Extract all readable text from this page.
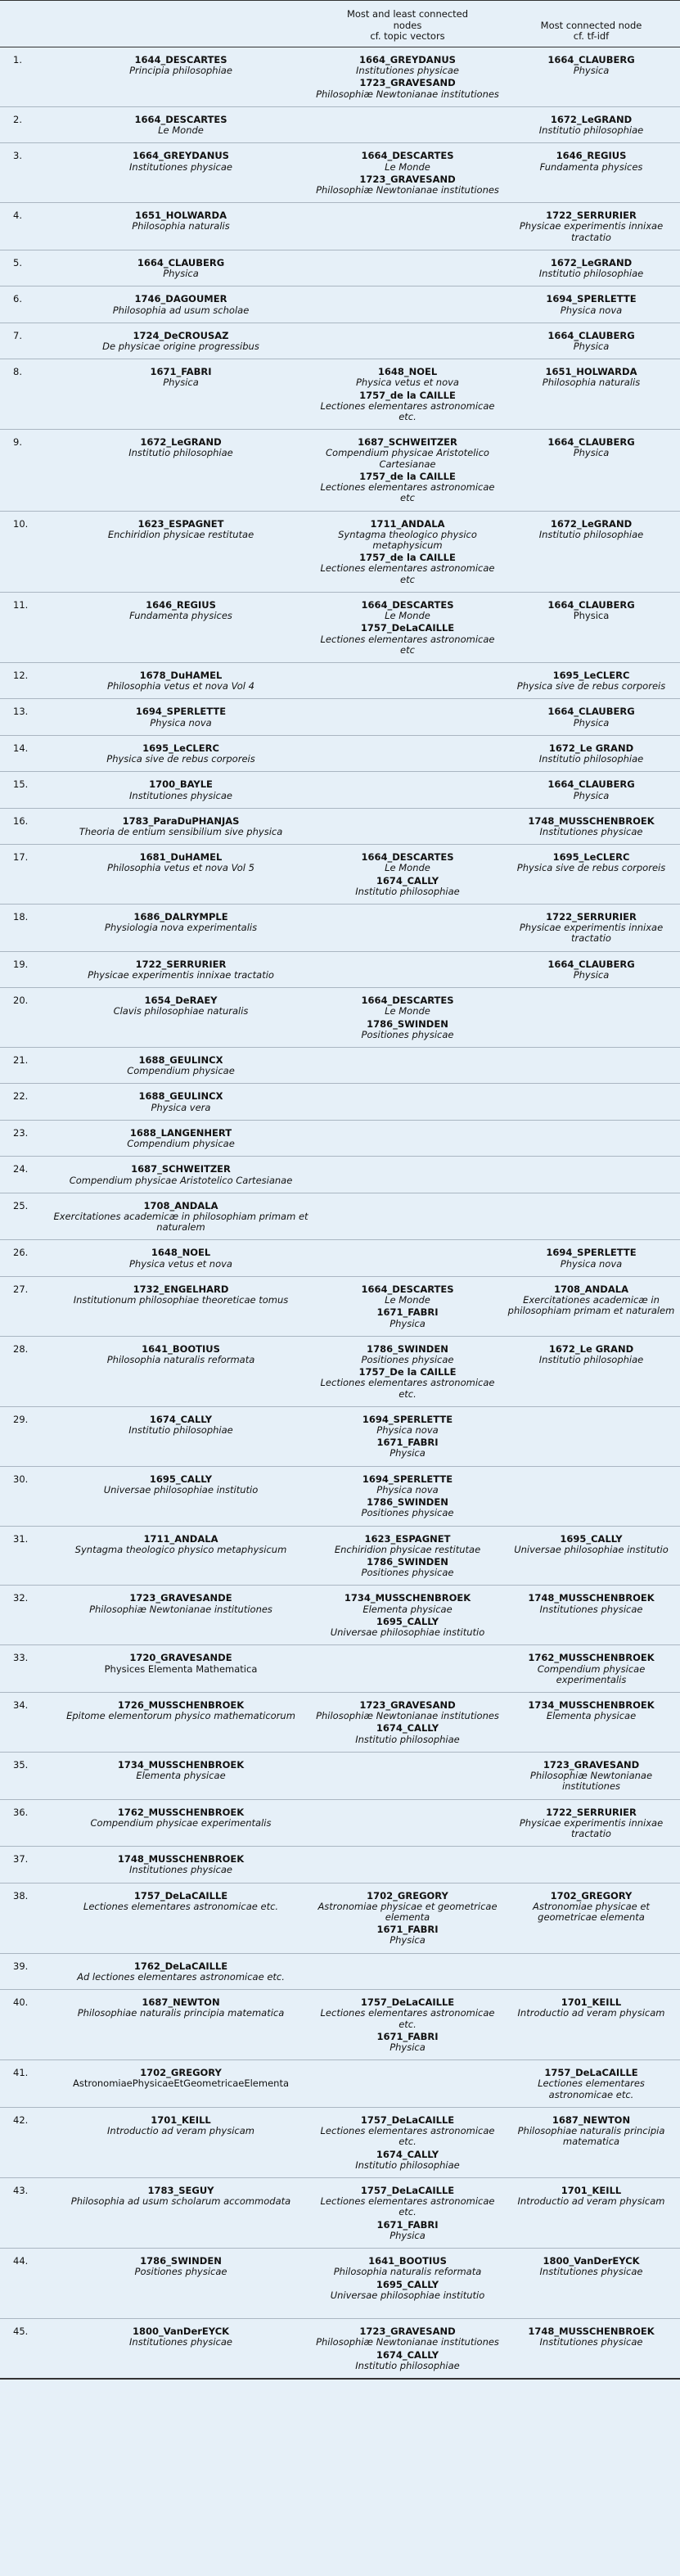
		Most and least connected
nodes
cf. topic vectors	Most connected node
cf. tf-idf

1.	1644_DESCARTES
Principia philosophiae	1664_GREYDANUS
Institutiones physicae
1723_GRAVESAND
Philosophiæ Newtonianae institutiones	1664_CLAUBERG
Physica

2.	1664_DESCARTES
Le Monde		1672_LeGRAND
Institutio philosophiae

3.	1664_GREYDANUS
Institutiones physicae	1664_DESCARTES
Le Monde
1723_GRAVESAND
Philosophiæ Newtonianae institutiones	1646_REGIUS
Fundamenta physices

4.	1651_HOLWARDA
Philosophia naturalis		1722_SERRURIER
Physicae experimentis innixae tractatio

5.	1664_CLAUBERG
Physica		1672_LeGRAND
Institutio philosophiae

6.	1746_DAGOUMER
Philosophia ad usum scholae		1694_SPERLETTE
Physica nova

7.	1724_DeCROUSAZ
De physicae origine progressibus		1664_CLAUBERG
Physica

8.	1671_FABRI
Physica	1648_NOEL
Physica vetus et nova
1757_de la CAILLE
Lectiones elementares astronomicae etc.	1651_HOLWARDA
Philosophia naturalis

9.	1672_LeGRAND
Institutio philosophiae	1687_SCHWEITZER
Compendium physicae Aristotelico Cartesianae
1757_de la CAILLE
Lectiones elementares astronomicae etc	1664_CLAUBERG
Physica

10.	1623_ESPAGNET
Enchiridion physicae restitutae	1711_ANDALA
Syntagma theologico physico metaphysicum
1757_de la CAILLE
Lectiones elementares astronomicae etc	1672_LeGRAND
Institutio philosophiae

11.	1646_REGIUS
Fundamenta physices	1664_DESCARTES
Le Monde
1757_DeLaCAILLE
Lectiones elementares astronomicae etc	1664_CLAUBERG
Physica

12.	1678_DuHAMEL
Philosophia vetus et nova Vol 4		1695_LeCLERC
Physica sive de rebus corporeis

13.	1694_SPERLETTE
Physica nova		1664_CLAUBERG
Physica

14.	1695_LeCLERC
Physica sive de rebus corporeis		1672_Le GRAND
Institutio philosophiae

15.	1700_BAYLE
Institutiones physicae		1664_CLAUBERG
Physica

16.	1783_ParaDuPHANJAS
Theoria de entium sensibilium sive physica		1748_MUSSCHENBROEK
Institutiones physicae

17.	1681_DuHAMEL
Philosophia vetus et nova Vol 5	1664_DESCARTES
Le Monde
1674_CALLY
Institutio philosophiae	1695_LeCLERC
Physica sive de rebus corporeis

18.	1686_DALRYMPLE
Physiologia nova experimentalis		1722_SERRURIER
Physicae experimentis innixae tractatio

19.	1722_SERRURIER
Physicae experimentis innixae tractatio		1664_CLAUBERG
Physica

20.	1654_DeRAEY
Clavis philosophiae naturalis	1664_DESCARTES
Le Monde
1786_SWINDEN
Positiones physicae	

21.	1688_GEULINCX
Compendium physicae		

22.	1688_GEULINCX
Physica vera		

23.	1688_LANGENHERT
Compendium physicae		

24.	1687_SCHWEITZER
Compendium physicae Aristotelico Cartesianae		

25.	1708_ANDALA
Exercitationes academicæ in philosophiam primam et naturalem		

26.	1648_NOEL
Physica vetus et nova		1694_SPERLETTE
Physica nova

27.	1732_ENGELHARD
Institutionum philosophiae theoreticae tomus	1664_DESCARTES
Le Monde
1671_FABRI
Physica	1708_ANDALA
Exercitationes academicæ in philosophiam primam et naturalem

28.	1641_BOOTIUS
Philosophia naturalis reformata	1786_SWINDEN
Positiones physicae
1757_De la CAILLE
Lectiones elementares astronomicae etc.	1672_Le GRAND
Institutio philosophiae

29.	1674_CALLY
Institutio philosophiae	1694_SPERLETTE
Physica nova
1671_FABRI
Physica	

30.	1695_CALLY
Universae philosophiae institutio	1694_SPERLETTE
Physica nova
1786_SWINDEN
Positiones physicae	

31.	1711_ANDALA
Syntagma theologico physico metaphysicum	1623_ESPAGNET
Enchiridion physicae restitutae
1786_SWINDEN
Positiones physicae	1695_CALLY
Universae philosophiae institutio

32.	1723_GRAVESANDE
Philosophiæ Newtonianae institutiones	1734_MUSSCHENBROEK
Elementa physicae
1695_CALLY
Universae philosophiae institutio	1748_MUSSCHENBROEK
Institutiones physicae

33.	1720_GRAVESANDE
Physices Elementa Mathematica		1762_MUSSCHENBROEK
Compendium physicae experimentalis

34.	1726_MUSSCHENBROEK
Epitome elementorum physico mathematicorum	1723_GRAVESAND
Philosophiæ Newtonianae institutiones
1674_CALLY
Institutio philosophiae	1734_MUSSCHENBROEK
Elementa physicae

35.	1734_MUSSCHENBROEK
Elementa physicae		1723_GRAVESAND
Philosophiæ Newtonianae institutiones

36.	1762_MUSSCHENBROEK
Compendium physicae experimentalis		1722_SERRURIER
Physicae experimentis innixae tractatio

37.	1748_MUSSCHENBROEK
Institutiones physicae		

38.	1757_DeLaCAILLE
Lectiones elementares astronomicae etc.	1702_GREGORY
Astronomiae physicae et geometricae elementa
1671_FABRI
Physica	1702_GREGORY
Astronomiae physicae et geometricae elementa

39.	1762_DeLaCAILLE
Ad lectiones elementares astronomicae etc.		

40.	1687_NEWTON
Philosophiae naturalis principia matematica	1757_DeLaCAILLE
Lectiones elementares astronomicae etc.
1671_FABRI
Physica	1701_KEILL
Introductio ad veram physicam

41.	1702_GREGORY
AstronomiaePhysicaeEtGeometricaeElementa		1757_DeLaCAILLE
Lectiones elementares astronomicae etc.

42.	1701_KEILL
Introductio ad veram physicam	1757_DeLaCAILLE
Lectiones elementares astronomicae etc.
1674_CALLY
Institutio philosophiae	1687_NEWTON
Philosophiae naturalis principia matematica

43.	1783_SEGUY
Philosophia ad usum scholarum accommodata	1757_DeLaCAILLE
Lectiones elementares astronomicae etc.
1671_FABRI
Physica	1701_KEILL
Introductio ad veram physicam

44.	1786_SWINDEN
Positiones physicae	1641_BOOTIUS
Philosophia naturalis reformata
1695_CALLY
Universae philosophiae institutio	1800_VanDerEYCK
Institutiones physicae

45.	1800_VanDerEYCK
Institutiones physicae	1723_GRAVESAND
Philosophiæ Newtonianae institutiones
1674_CALLY
Institutio philosophiae	1748_MUSSCHENBROEK
Institutiones physicae
